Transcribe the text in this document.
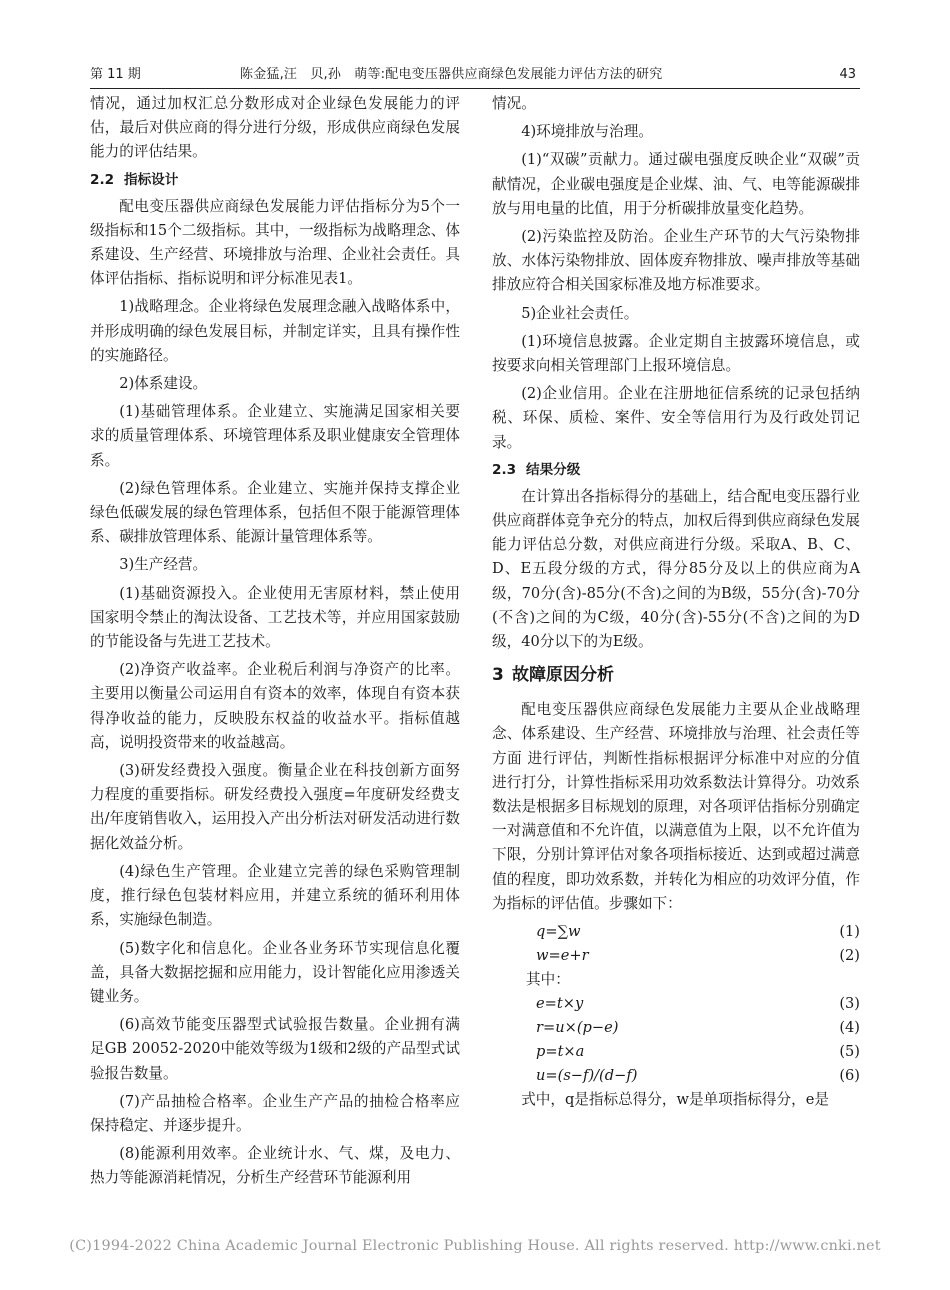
第 11 期	陈金猛,汪　贝,孙　萌等:配电变压器供应商绿色发展能力评估方法的研究	43

情况，通过加权汇总分数形成对企业绿色发展能力的评估，最后对供应商的得分进行分级，形成供应商绿色发展能力的评估结果。

2.2 指标设计

配电变压器供应商绿色发展能力评估指标分为5个一级指标和15个二级指标。其中，一级指标为战略理念、体系建设、生产经营、环境排放与治理、企业社会责任。具体评估指标、指标说明和评分标准见表1。

1)战略理念。企业将绿色发展理念融入战略体系中，并形成明确的绿色发展目标，并制定详实，且具有操作性的实施路径。

2)体系建设。

(1)基础管理体系。企业建立、实施满足国家相关要求的质量管理体系、环境管理体系及职业健康安全管理体系。

(2)绿色管理体系。企业建立、实施并保持支撑企业绿色低碳发展的绿色管理体系，包括但不限于能源管理体系、碳排放管理体系、能源计量管理体系等。

3)生产经营。

(1)基础资源投入。企业使用无害原材料，禁止使用国家明令禁止的淘汰设备、工艺技术等，并应用国家鼓励的节能设备与先进工艺技术。

(2)净资产收益率。企业税后利润与净资产的比率。主要用以衡量公司运用自有资本的效率，体现自有资本获得净收益的能力，反映股东权益的收益水平。指标值越高，说明投资带来的收益越高。

(3)研发经费投入强度。衡量企业在科技创新方面努力程度的重要指标。研发经费投入强度=年度研发经费支出/年度销售收入，运用投入产出分析法对研发活动进行数据化效益分析。

(4)绿色生产管理。企业建立完善的绿色采购管理制度，推行绿色包装材料应用，并建立系统的循环利用体系，实施绿色制造。

(5)数字化和信息化。企业各业务环节实现信息化覆盖，具备大数据挖掘和应用能力，设计智能化应用渗透关键业务。

(6)高效节能变压器型式试验报告数量。企业拥有满足GB 20052-2020中能效等级为1级和2级的产品型式试验报告数量。

(7)产品抽检合格率。企业生产产品的抽检合格率应保持稳定、并逐步提升。

(8)能源利用效率。企业统计水、气、煤，及电力、热力等能源消耗情况，分析生产经营环节能源利用

情况。

4)环境排放与治理。

(1)“双碳”贡献力。通过碳电强度反映企业“双碳”贡献情况，企业碳电强度是企业煤、油、气、电等能源碳排放与用电量的比值，用于分析碳排放量变化趋势。

(2)污染监控及防治。企业生产环节的大气污染物排放、水体污染物排放、固体废弃物排放、噪声排放等基础排放应符合相关国家标准及地方标准要求。

5)企业社会责任。

(1)环境信息披露。企业定期自主披露环境信息，或按要求向相关管理部门上报环境信息。

(2)企业信用。企业在注册地征信系统的记录包括纳税、环保、质检、案件、安全等信用行为及行政处罚记录。

2.3 结果分级

在计算出各指标得分的基础上，结合配电变压器行业供应商群体竞争充分的特点，加权后得到供应商绿色发展能力评估总分数，对供应商进行分级。采取A、B、C、D、E五段分级的方式，得分85分及以上的供应商为A级，70分(含)-85分(不含)之间的为B级，55分(含)-70分(不含)之间的为C级，40分(含)-55分(不含)之间的为D级，40分以下的为E级。

3 故障原因分析

配电变压器供应商绿色发展能力主要从企业战略理念、体系建设、生产经营、环境排放与治理、社会责任等方面 进行评估，判断性指标根据评分标准中对应的分值进行打分，计算性指标采用功效系数法计算得分。功效系数法是根据多目标规划的原理，对各项评估指标分别确定一对满意值和不允许值，以满意值为上限，以不允许值为下限，分别计算评估对象各项指标接近、达到或超过满意值的程度，即功效系数，并转化为相应的功效评分值，作为指标的评估值。步骤如下：

q=∑w	(1)
w=e+r	(2)
其中：
e=t×y	(3)
r=u×(p−e)	(4)
p=t×a	(5)
u=(s−f)/(d−f)	(6)

式中，q是指标总得分，w是单项指标得分，e是

(C)1994-2022 China Academic Journal Electronic Publishing House. All rights reserved. http://www.cnki.net
